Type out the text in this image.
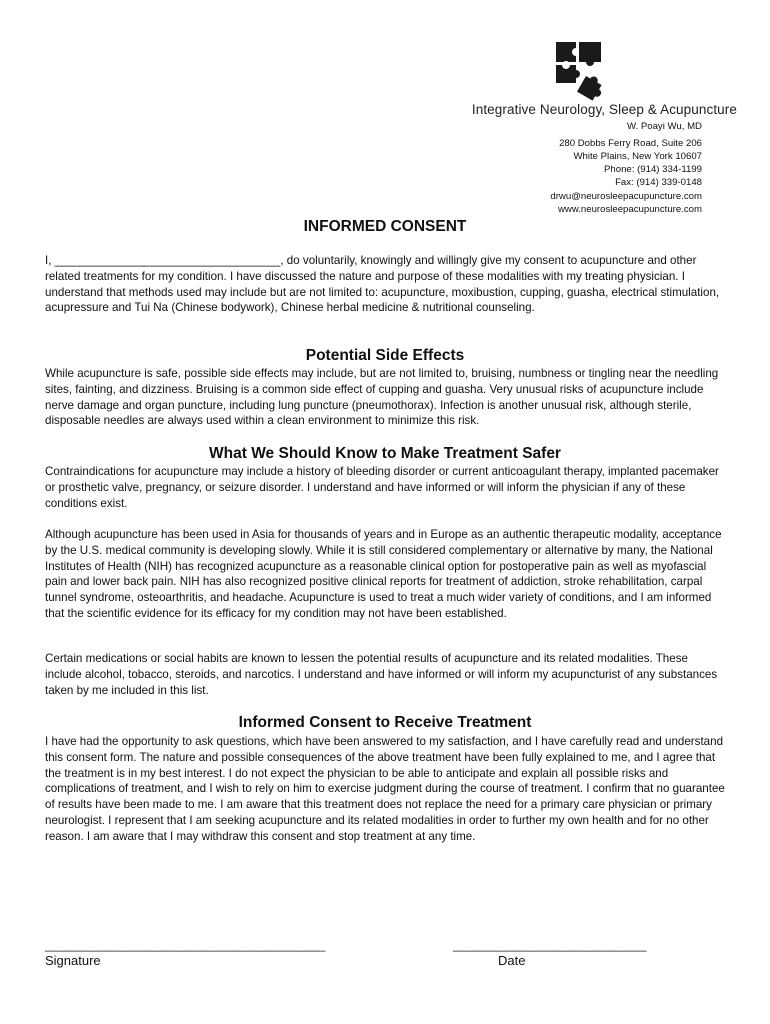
Integrative Neurology, Sleep & Acupuncture
W. Poayi Wu, MD
280 Dobbs Ferry Road, Suite 206
White Plains, New York 10607
Phone: (914) 334-1199
Fax: (914) 339-0148
drwu@neurosleepacupuncture.com
www.neurosleepacupuncture.com
INFORMED CONSENT
I, ___________________________________, do voluntarily, knowingly and willingly give my consent to acupuncture and other related treatments for my condition. I have discussed the nature and purpose of these modalities with my treating physician. I understand that methods used may include but are not limited to: acupuncture, moxibustion, cupping, guasha, electrical stimulation, acupressure and Tui Na (Chinese bodywork), Chinese herbal medicine & nutritional counseling.
Potential Side Effects
While acupuncture is safe, possible side effects may include, but are not limited to, bruising, numbness or tingling near the needling sites, fainting, and dizziness. Bruising is a common side effect of cupping and guasha. Very unusual risks of acupuncture include nerve damage and organ puncture, including lung puncture (pneumothorax). Infection is another unusual risk, although sterile, disposable needles are always used within a clean environment to minimize this risk.
What We Should Know to Make Treatment Safer
Contraindications for acupuncture may include a history of bleeding disorder or current anticoagulant therapy, implanted pacemaker or prosthetic valve, pregnancy, or seizure disorder. I understand and have informed or will inform the physician if any of these conditions exist.
Although acupuncture has been used in Asia for thousands of years and in Europe as an authentic therapeutic modality, acceptance by the U.S. medical community is developing slowly. While it is still considered complementary or alternative by many, the National Institutes of Health (NIH) has recognized acupuncture as a reasonable clinical option for postoperative pain as well as myofascial pain and lower back pain. NIH has also recognized positive clinical reports for treatment of addiction, stroke rehabilitation, carpal tunnel syndrome, osteoarthritis, and headache. Acupuncture is used to treat a much wider variety of conditions, and I am informed that the scientific evidence for its efficacy for my condition may not have been established.
Certain medications or social habits are known to lessen the potential results of acupuncture and its related modalities. These include alcohol, tobacco, steroids, and narcotics. I understand and have informed or will inform my acupuncturist of any substances taken by me included in this list.
Informed Consent to Receive Treatment
I have had the opportunity to ask questions, which have been answered to my satisfaction, and I have carefully read and understand this consent form. The nature and possible consequences of the above treatment have been fully explained to me, and I agree that the treatment is in my best interest. I do not expect the physician to be able to anticipate and explain all possible risks and complications of treatment, and I wish to rely on him to exercise judgment during the course of treatment. I confirm that no guarantee of results have been made to me. I am aware that this treatment does not replace the need for a primary care physician or primary neurologist. I represent that I am seeking acupuncture and its related modalities in order to further my own health and for no other reason. I am aware that I may withdraw this consent and stop treatment at any time.
__________________________________________
Signature
_____________________________
Date
